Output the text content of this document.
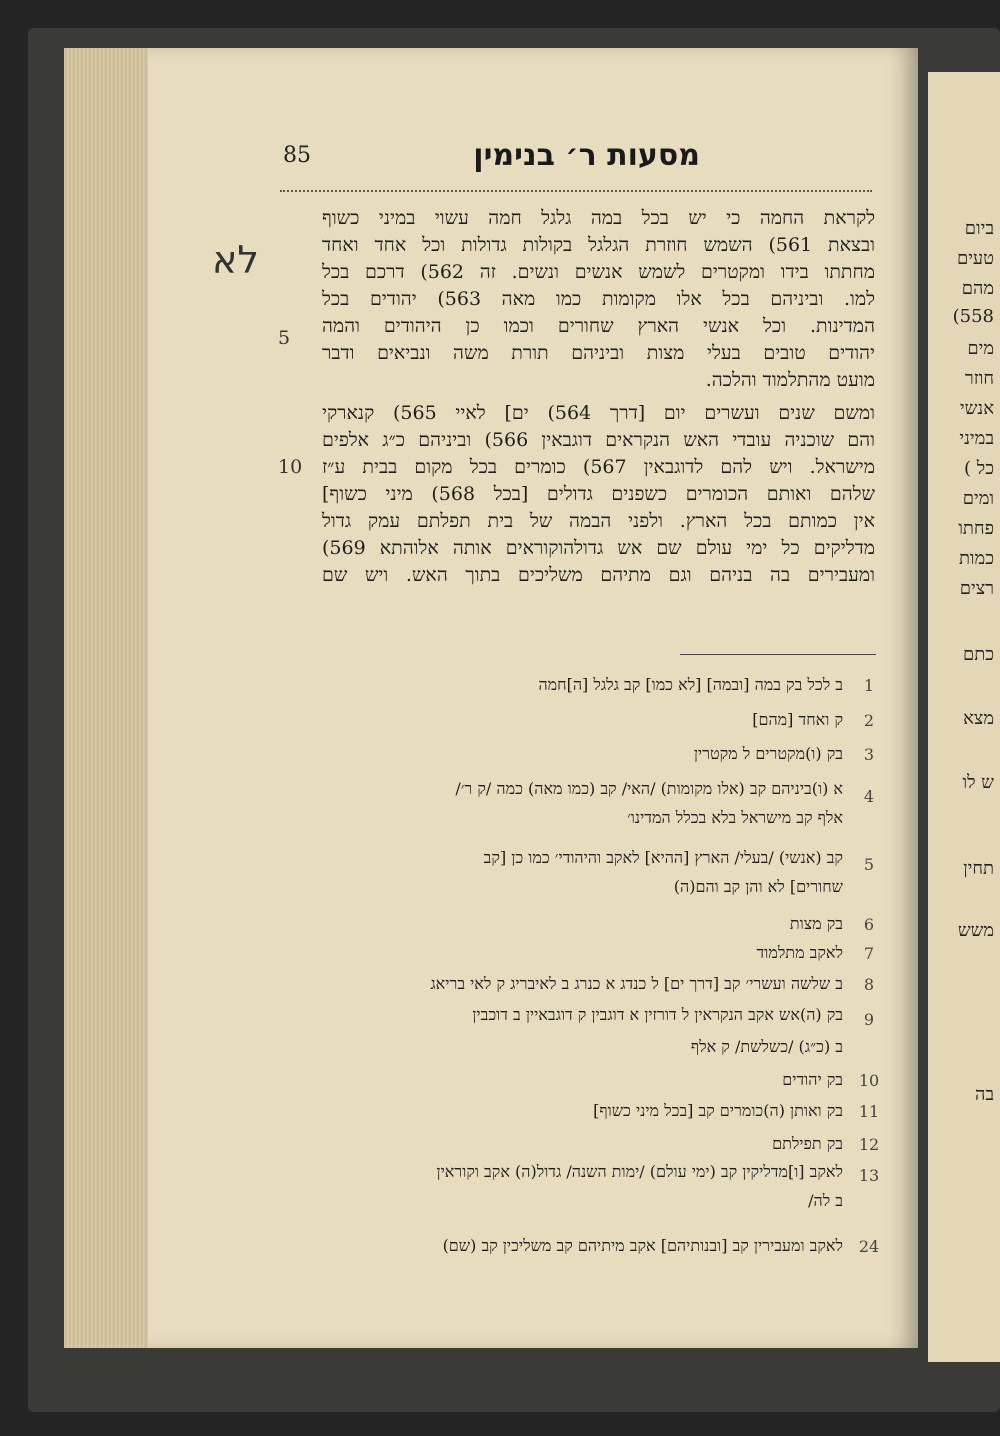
85	מסעות ר׳ בנימין
לא
לקראת החמה כי יש בכל במה גלגל חמה עשוי במיני כשוף
ובצאת 561) השמש חוזרת הגלגל בקולות גדולות וכל אחד ואחד
מחתתו בידו ומקטרים לשמש אנשים ונשים. זה 562) דרכם בכל
למו. וביניהם בכל אלו מקומות כמו מאה 563) יהודים בכל
המדינות. וכל אנשי הארץ שחורים וכמו כן היהודים והמה
יהודים טובים בעלי מצות וביניהם תורת משה ונביאים ודבר
מועט מהתלמוד והלכה.
ומשם שנים ועשרים יום [דרך 564) ים] לאיי 565) קנארקי
והם שוכניה עובדי האש הנקראים דוגבאין 566) וביניהם כ״ג אלפים
מישראל. ויש להם לדוגבאין 567) כומרים בכל מקום בבית ע״ז
שלהם ואותם הכומרים כשפנים גדולים [בכל 568) מיני כשוף]
אין כמותם בכל הארץ. ולפני הבמה של בית תפלתם עמק גדול
מדליקים כל ימי עולם שם אש גדולהוקוראים אותה אלוהתא 569)
ומעבירים בה בניהם וגם מתיהם משליכים בתוך האש. ויש שם
5
10
1
ב לכל בק במה [ובמה] [לא כמו] קב גלגל [ה]חמה
2
ק ואחד [מהם]
3
בק (ו)מקטרים ל מקטרין
4
א (ו)ביניהם קב (אלו מקומות) /האי/ קב (כמו מאה) כמה /ק ר׳/
אלף קב מישראל בלא בכלל המדינו׳
5
קב (אנשי) /בעלי/ הארץ [ההיא] לאקב והיהודי׳ כמו כן [קב
שחורים] לא והן קב והם(ה)
6
בק מצות
7
לאקב מתלמוד
8
ב שלשה ועשרי׳ קב [דרך ים] ל כנדג א כנרג ב לאיבריג ק לאי בריאג
9
בק (ה)אש אקב הנקראין ל דורזין א דוגבין ק דוגבאיין ב דוכבין
ב (כ״ג) /כשלשת/ ק אלף
10
בק יהודים
11
בק ואותן (ה)כומרים קב [בכל מיני כשוף]
12
בק תפילתם
13
לאקב [ו]מדליקין קב (ימי עולם) /ימות השנה/ גדול(ה) אקב וקוראין
ב לה/
24
לאקב ומעבירין קב [ובנותיהם] אקב מיתיהם קב משליכין קב (שם)
ביום
טעים
מהם
558)
מים
חוזר
אנשי
במיני
כל )
ומים
פחתו
כמות
רצים
כתם
מצא
ש לו
תחין
משש
בה
